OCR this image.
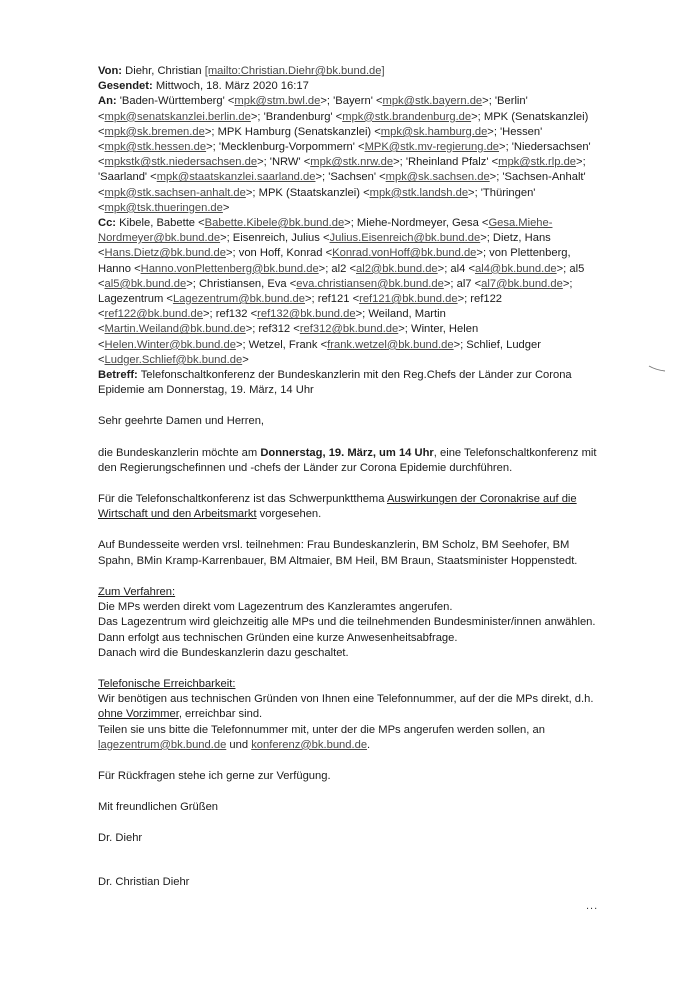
Von: Diehr, Christian [mailto:Christian.Diehr@bk.bund.de]

Gesendet: Mittwoch, 18. März 2020 16:17

An: 'Baden-Württemberg' <mpk@stm.bwl.de>; 'Bayern' <mpk@stk.bayern.de>; 'Berlin' <mpk@senatskanzlei.berlin.de>; 'Brandenburg' <mpk@stk.brandenburg.de>; MPK (Senatskanzlei) <mpk@sk.bremen.de>; MPK Hamburg (Senatskanzlei) <mpk@sk.hamburg.de>; 'Hessen' <mpk@stk.hessen.de>; 'Mecklenburg-Vorpommern' <MPK@stk.mv-regierung.de>; 'Niedersachsen' <mpkstk@stk.niedersachsen.de>; 'NRW' <mpk@stk.nrw.de>; 'Rheinland Pfalz' <mpk@stk.rlp.de>; 'Saarland' <mpk@staatskanzlei.saarland.de>; 'Sachsen' <mpk@sk.sachsen.de>; 'Sachsen-Anhalt' <mpk@stk.sachsen-anhalt.de>; MPK (Staatskanzlei) <mpk@stk.landsh.de>; 'Thüringen' <mpk@tsk.thueringen.de>

Cc: Kibele, Babette <Babette.Kibele@bk.bund.de>; Miehe-Nordmeyer, Gesa <Gesa.Miehe-Nordmeyer@bk.bund.de>; Eisenreich, Julius <Julius.Eisenreich@bk.bund.de>; Dietz, Hans <Hans.Dietz@bk.bund.de>; von Hoff, Konrad <Konrad.vonHoff@bk.bund.de>; von Plettenberg, Hanno <Hanno.vonPlettenberg@bk.bund.de>; al2 <al2@bk.bund.de>; al4 <al4@bk.bund.de>; al5 <al5@bk.bund.de>; Christiansen, Eva <eva.christiansen@bk.bund.de>; al7 <al7@bk.bund.de>; Lagezentrum <Lagezentrum@bk.bund.de>; ref121 <ref121@bk.bund.de>; ref122 <ref122@bk.bund.de>; ref132 <ref132@bk.bund.de>; Weiland, Martin <Martin.Weiland@bk.bund.de>; ref312 <ref312@bk.bund.de>; Winter, Helen <Helen.Winter@bk.bund.de>; Wetzel, Frank <frank.wetzel@bk.bund.de>; Schlief, Ludger <Ludger.Schlief@bk.bund.de>

Betreff: Telefonschaltkonferenz der Bundeskanzlerin mit den Reg.Chefs der Länder zur Corona Epidemie am Donnerstag, 19. März, 14 Uhr

Sehr geehrte Damen und Herren,

die Bundeskanzlerin möchte am Donnerstag, 19. März, um 14 Uhr, eine Telefonschaltkonferenz mit den Regierungschefinnen und -chefs der Länder zur Corona Epidemie durchführen.

Für die Telefonschaltkonferenz ist das Schwerpunktthema Auswirkungen der Coronakrise auf die Wirtschaft und den Arbeitsmarkt vorgesehen.

Auf Bundesseite werden vrsl. teilnehmen: Frau Bundeskanzlerin, BM Scholz, BM Seehofer, BM Spahn, BMin Kramp-Karrenbauer, BM Altmaier, BM Heil, BM Braun, Staatsminister Hoppenstedt.

Zum Verfahren:

Die MPs werden direkt vom Lagezentrum des Kanzleramtes angerufen.

Das Lagezentrum wird gleichzeitig alle MPs und die teilnehmenden Bundesminister/innen anwählen.

Dann erfolgt aus technischen Gründen eine kurze Anwesenheitsabfrage.

Danach wird die Bundeskanzlerin dazu geschaltet.

Telefonische Erreichbarkeit:

Wir benötigen aus technischen Gründen von Ihnen eine Telefonnummer, auf der die MPs direkt, d.h. ohne Vorzimmer, erreichbar sind.

Teilen sie uns bitte die Telefonnummer mit, unter der die MPs angerufen werden sollen, an lagezentrum@bk.bund.de und konferenz@bk.bund.de.

Für Rückfragen stehe ich gerne zur Verfügung.

Mit freundlichen Grüßen

Dr. Diehr

Dr. Christian Diehr

...
